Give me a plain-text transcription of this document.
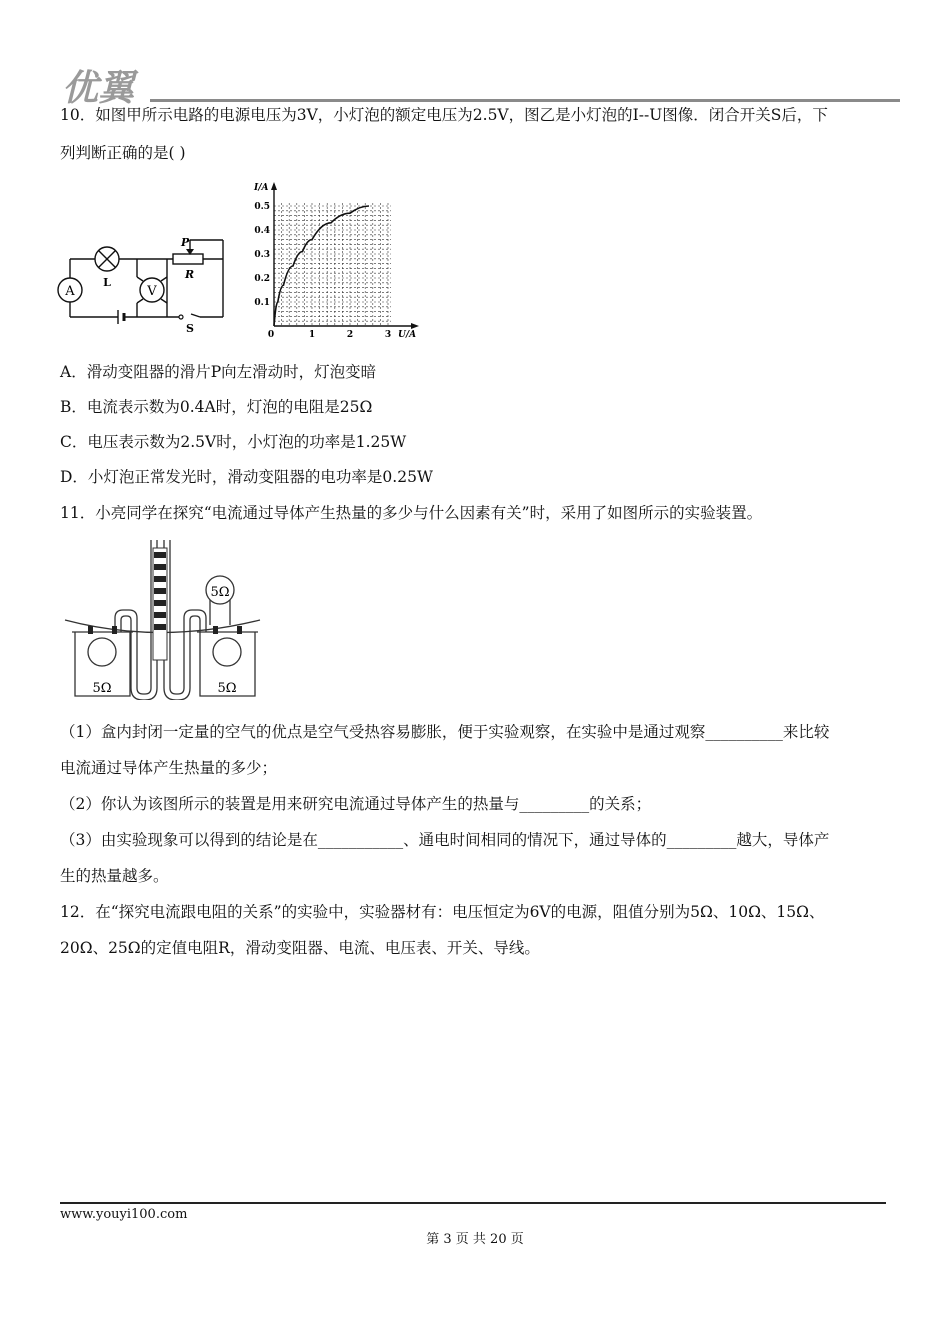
优翼
10．如图甲所示电路的电源电压为3V，小灯泡的额定电压为2.5V，图乙是小灯泡的I--U图像．闭合开关S后，下
列判断正确的是( )
A
L
V
P
R
S	1	2	3
0.1
0.2
0.3
0.4
0.5
I/A
U/A
0
A．滑动变阻器的滑片P向左滑动时，灯泡变暗
B．电流表示数为0.4A时，灯泡的电阻是25Ω
C．电压表示数为2.5V时，小灯泡的功率是1.25W
D．小灯泡正常发光时，滑动变阻器的电功率是0.25W
11．小亮同学在探究“电流通过导体产生热量的多少与什么因素有关”时，采用了如图所示的实验装置。
5Ω
5Ω	5Ω
（1）盒内封闭一定量的空气的优点是空气受热容易膨胀，便于实验观察，在实验中是通过观察__________来比较
电流通过导体产生热量的多少；
（2）你认为该图所示的装置是用来研究电流通过导体产生的热量与_________的关系；
（3）由实验现象可以得到的结论是在___________、通电时间相同的情况下，通过导体的_________越大，导体产
生的热量越多。
12．在“探究电流跟电阻的关系”的实验中，实验器材有：电压恒定为6V的电源，阻值分别为5Ω、10Ω、15Ω、
20Ω、25Ω的定值电阻R，滑动变阻器、电流、电压表、开关、导线。
www.youyi100.com
第 3 页 共 20 页
